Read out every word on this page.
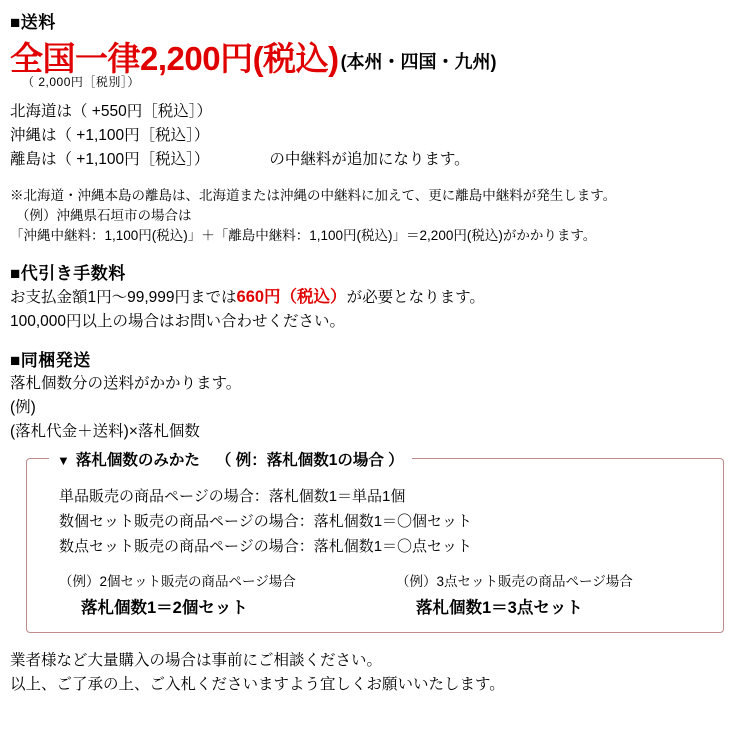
■送料
全国一律2,200円(税込) (本州・四国・九州)
（ 2,000円［税別］）
北海道は（ +550円［税込］）
沖縄は（ +1,100円［税込］）
離島は（ +1,100円［税込］）	の中継料が追加になります。
※北海道・沖縄本島の離島は、北海道または沖縄の中継料に加えて、更に離島中継料が発生します。
（例）沖縄県石垣市の場合は
「沖縄中継料：1,100円(税込)」＋「離島中継料：1,100円(税込)」＝2,200円(税込)がかかります。
■代引き手数料
お支払金額1円～99,999円までは660円（税込）が必要となります。
100,000円以上の場合はお問い合わせください。
■同梱発送
落札個数分の送料がかかります。
(例)
(落札代金＋送料)×落札個数
▼ 落札個数のみかた （ 例：落札個数1の場合 ）
単品販売の商品ページの場合：落札個数1＝単品1個
数個セット販売の商品ページの場合：落札個数1＝〇個セット
数点セット販売の商品ページの場合：落札個数1＝〇点セット
（例）2個セット販売の商品ページ場合
落札個数1＝2個セット
（例）3点セット販売の商品ページ場合
落札個数1＝3点セット
業者様など大量購入の場合は事前にご相談ください。
以上、ご了承の上、ご入札くださいますよう宜しくお願いいたします。
